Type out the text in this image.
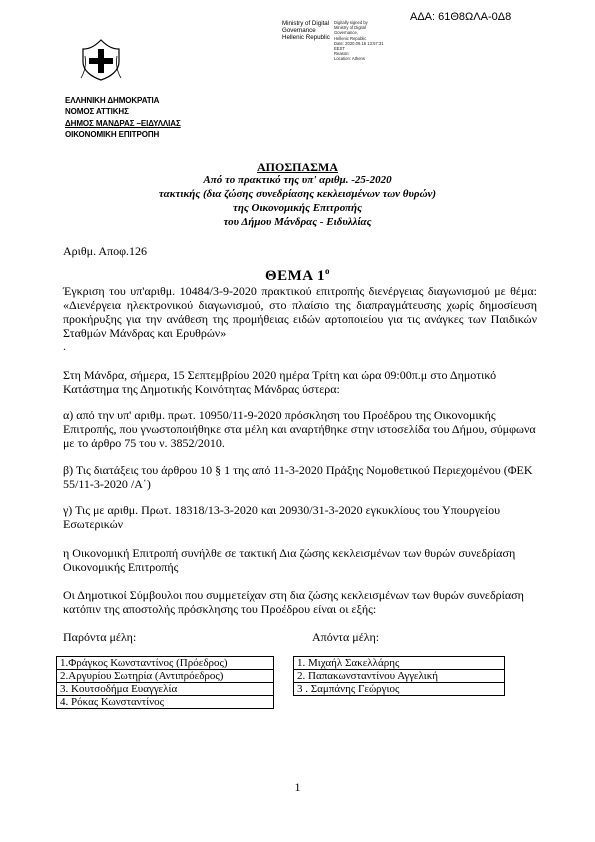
ΑΔΑ: 61Θ8ΩΛΑ-0Δ8
Ministry of Digital
Governance
Hellenic Republic
Digitally signed by
Ministry of Digital
Governance,
Hellenic Republic
Date: 2020.09.16 13:57:31
EEST
Reason:
Location: Athens
ΕΛΛΗΝΙΚΗ ΔΗΜΟΚΡΑΤΙΑ
ΝΟΜΟΣ ΑΤΤΙΚΗΣ
ΔΗΜΟΣ ΜΑΝΔΡΑΣ –ΕΙΔΥΛΛΙΑΣ
ΟΙΚΟΝΟΜΙΚΗ ΕΠΙΤΡΟΠΗ
ΑΠΟΣΠΑΣΜΑ
Από το πρακτικό της υπ' αριθμ. -25-2020
τακτικής (δια ζώσης συνεδρίασης κεκλεισμένων των θυρών)
της Οικονομικής Επιτροπής
του Δήμου Μάνδρας - Ειδυλλίας
Αριθμ. Αποφ.126
ΘΕΜΑ $1^o$
Έγκριση του υπ'αριθμ. 10484/3-9-2020 πρακτικού επιτροπής διενέργειας διαγωνισμού με θέμα: «Διενέργεια ηλεκτρονικού διαγωνισμού, στο πλαίσιο της διαπραγμάτευσης χωρίς δημοσίευση προκήρυξης για την ανάθεση της προμήθειας ειδών αρτοποιείου για τις ανάγκες των Παιδικών Σταθμών Μάνδρας και Ερυθρών»
.
Στη Μάνδρα, σήμερα, 15 Σεπτεμβρίου 2020 ημέρα Τρίτη και ώρα 09:00π.μ στο Δημοτικό Κατάστημα της Δημοτικής Κοινότητας Μάνδρας ύστερα:
α) από την υπ' αριθμ. πρωτ. 10950/11-9-2020 πρόσκληση του Προέδρου της Οικονομικής Επιτροπής, που γνωστοποιήθηκε στα μέλη και αναρτήθηκε στην ιστοσελίδα του Δήμου, σύμφωνα με το άρθρο 75 του ν. 3852/2010.
β) Τις διατάξεις του άρθρου 10 § 1 της από 11-3-2020 Πράξης Νομοθετικού Περιεχομένου (ΦΕΚ 55/11-3-2020 /Α΄)
γ) Τις με αριθμ. Πρωτ. 18318/13-3-2020 και 20930/31-3-2020 εγκυκλίους του Υπουργείου Εσωτερικών
η Οικονομική Επιτροπή συνήλθε σε τακτική Δια ζώσης κεκλεισμένων των θυρών συνεδρίαση Οικονομικής Επιτροπής
Οι Δημοτικοί Σύμβουλοι που συμμετείχαν στη δια ζώσης κεκλεισμένων των θυρών συνεδρίαση κατόπιν της αποστολής πρόσκλησης του Προέδρου είναι οι εξής:
Παρόντα μέλη:	Απόντα μέλη:
1.Φράγκος Κωνσταντίνος (Πρόεδρος)
2.Αργυρίου Σωτηρία (Αντιπρόεδρος)
3. Κουτσοδήμα Ευαγγελία
4. Ρόκας Κωνσταντίνος
1. Μιχαήλ Σακελλάρης
2. Παπακωνσταντίνου Αγγελική
3 . Σαμπάνης Γεώργιος
1
